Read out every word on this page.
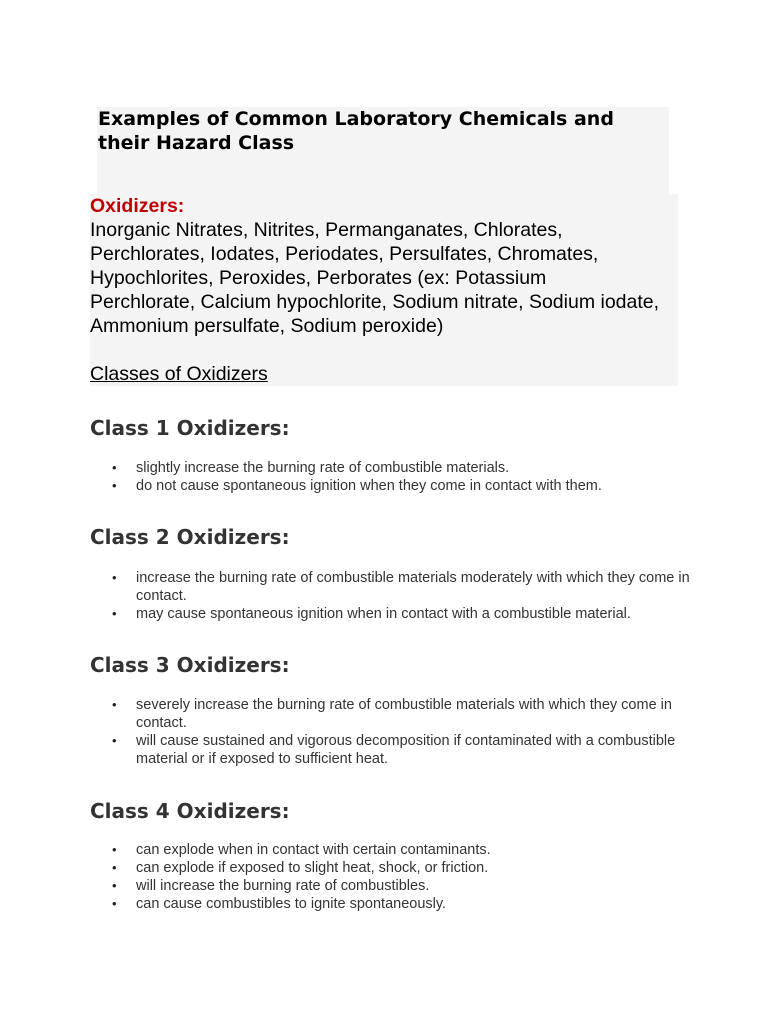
Examples of Common Laboratory Chemicals and their Hazard Class

Oxidizers:

Inorganic Nitrates, Nitrites, Permanganates, Chlorates,
Perchlorates, Iodates, Periodates, Persulfates, Chromates,
Hypochlorites, Peroxides, Perborates (ex: Potassium
Perchlorate, Calcium hypochlorite, Sodium nitrate, Sodium iodate,
Ammonium persulfate, Sodium peroxide)

Classes of Oxidizers

Class 1 Oxidizers:
• slightly increase the burning rate of combustible materials.
• do not cause spontaneous ignition when they come in contact with them.
Class 2 Oxidizers:
• increase the burning rate of combustible materials moderately with which they come in contact.
• may cause spontaneous ignition when in contact with a combustible material.
Class 3 Oxidizers:
• severely increase the burning rate of combustible materials with which they come in contact.
• will cause sustained and vigorous decomposition if contaminated with a combustible material or if exposed to sufficient heat.
Class 4 Oxidizers:
• can explode when in contact with certain contaminants.
• can explode if exposed to slight heat, shock, or friction.
• will increase the burning rate of combustibles.
• can cause combustibles to ignite spontaneously.
